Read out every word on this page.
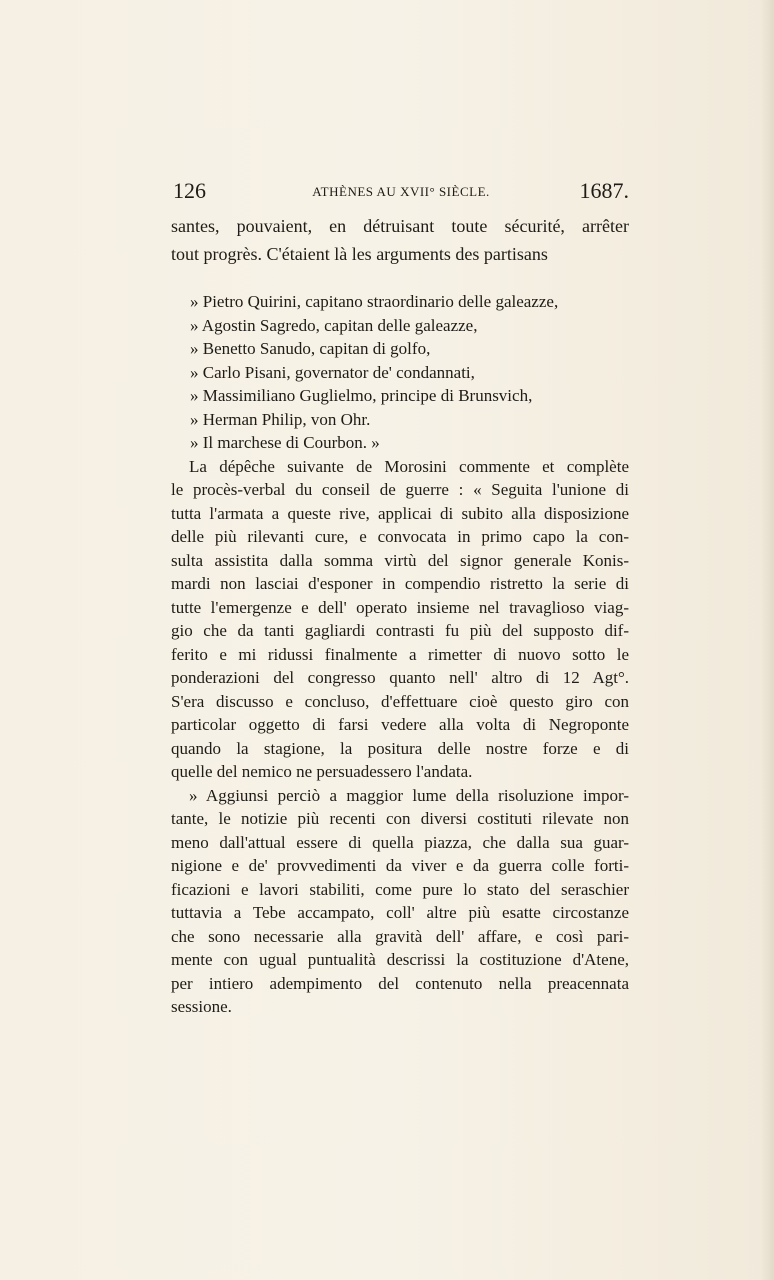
126	ATHÈNES AU XVII° SIÈCLE.	1687.
santes, pouvaient, en détruisant toute sécurité, arrêter
tout progrès. C'étaient là les arguments des partisans
» Pietro Quirini, capitano straordinario delle galeazze,
» Agostin Sagredo, capitan delle galeazze,
» Benetto Sanudo, capitan di golfo,
» Carlo Pisani, governator de' condannati,
» Massimiliano Guglielmo, principe di Brunsvich,
» Herman Philip, von Ohr.
» Il marchese di Courbon. »
La dépêche suivante de Morosini commente et complète
le procès-verbal du conseil de guerre : « Seguita l'unione di
tutta l'armata a queste rive, applicai di subito alla disposizione
delle più rilevanti cure, e convocata in primo capo la con-
sulta assistita dalla somma virtù del signor generale Konis-
mardi non lasciai d'esponer in compendio ristretto la serie di
tutte l'emergenze e dell' operato insieme nel travaglioso viag-
gio che da tanti gagliardi contrasti fu più del supposto dif-
ferito e mi ridussi finalmente a rimetter di nuovo sotto le
ponderazioni del congresso quanto nell' altro di 12 Agt°.
S'era discusso e concluso, d'effettuare cioè questo giro con
particolar oggetto di farsi vedere alla volta di Negroponte
quando la stagione, la positura delle nostre forze e di
quelle del nemico ne persuadessero l'andata.
» Aggiunsi perciò a maggior lume della risoluzione impor-
tante, le notizie più recenti con diversi costituti rilevate non
meno dall'attual essere di quella piazza, che dalla sua guar-
nigione e de' provvedimenti da viver e da guerra colle forti-
ficazioni e lavori stabiliti, come pure lo stato del seraschier
tuttavia a Tebe accampato, coll' altre più esatte circostanze
che sono necessarie alla gravità dell' affare, e così pari-
mente con ugual puntualità descrissi la costituzione d'Atene,
per intiero adempimento del contenuto nella preacennata
sessione.
